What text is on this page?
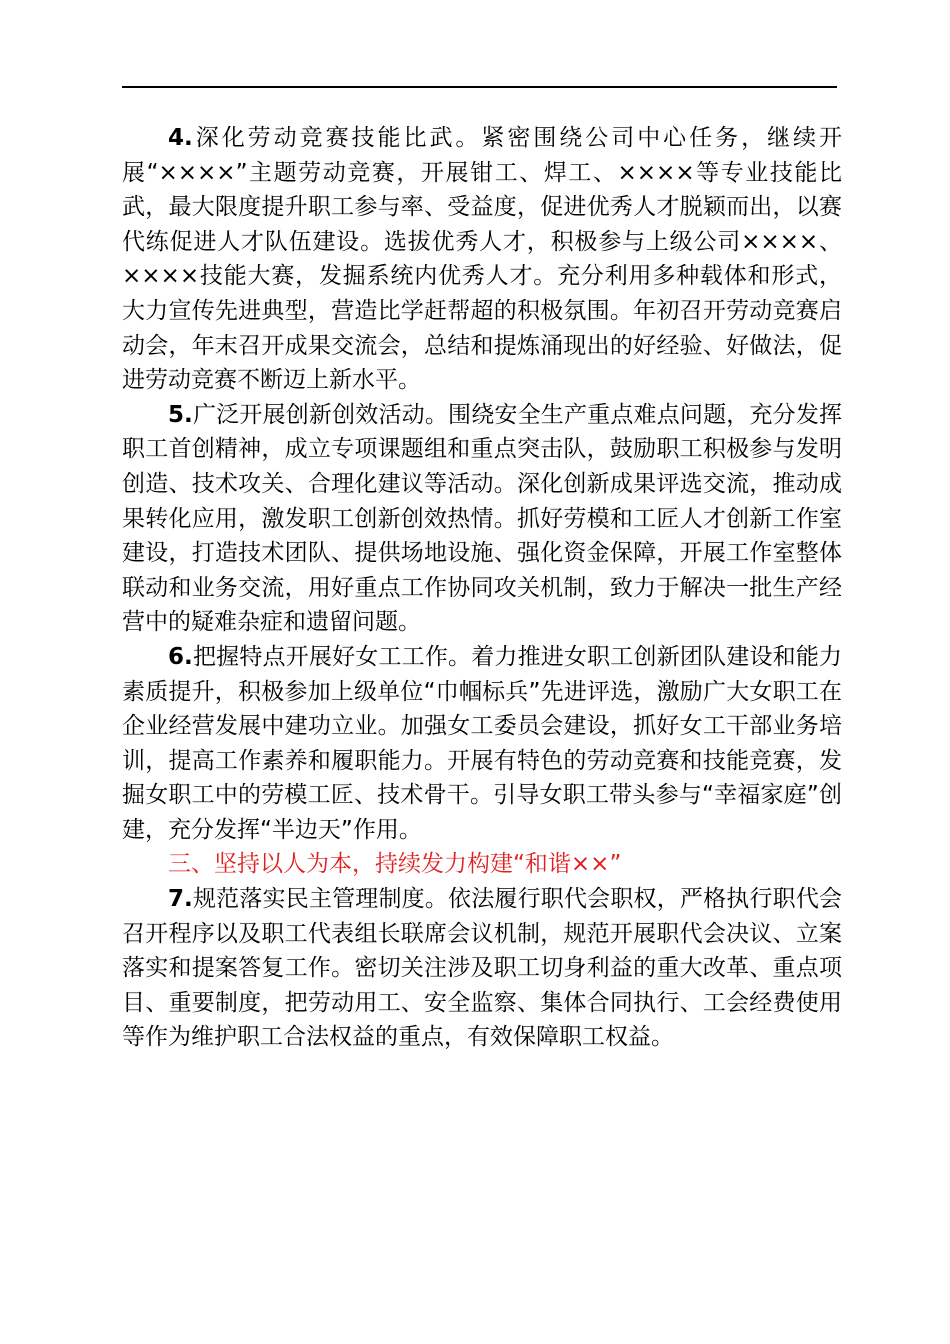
4.深化劳动竞赛技能比武。紧密围绕公司中心任务，继续开展“××××”主题劳动竞赛，开展钳工、焊工、××××等专业技能比武，最大限度提升职工参与率、受益度，促进优秀人才脱颖而出，以赛代练促进人才队伍建设。选拔优秀人才，积极参与上级公司××××、××××技能大赛，发掘系统内优秀人才。充分利用多种载体和形式，大力宣传先进典型，营造比学赶帮超的积极氛围。年初召开劳动竞赛启动会，年末召开成果交流会，总结和提炼涌现出的好经验、好做法，促进劳动竞赛不断迈上新水平。

5.广泛开展创新创效活动。围绕安全生产重点难点问题，充分发挥职工首创精神，成立专项课题组和重点突击队，鼓励职工积极参与发明创造、技术攻关、合理化建议等活动。深化创新成果评选交流，推动成果转化应用，激发职工创新创效热情。抓好劳模和工匠人才创新工作室建设，打造技术团队、提供场地设施、强化资金保障，开展工作室整体联动和业务交流，用好重点工作协同攻关机制，致力于解决一批生产经营中的疑难杂症和遗留问题。

6.把握特点开展好女工工作。着力推进女职工创新团队建设和能力素质提升，积极参加上级单位“巾帼标兵”先进评选，激励广大女职工在企业经营发展中建功立业。加强女工委员会建设，抓好女工干部业务培训，提高工作素养和履职能力。开展有特色的劳动竞赛和技能竞赛，发掘女职工中的劳模工匠、技术骨干。引导女职工带头参与“幸福家庭”创建，充分发挥“半边天”作用。

三、坚持以人为本，持续发力构建“和谐××”

7.规范落实民主管理制度。依法履行职代会职权，严格执行职代会召开程序以及职工代表组长联席会议机制，规范开展职代会决议、立案落实和提案答复工作。密切关注涉及职工切身利益的重大改革、重点项目、重要制度，把劳动用工、安全监察、集体合同执行、工会经费使用等作为维护职工合法权益的重点，有效保障职工权益。
